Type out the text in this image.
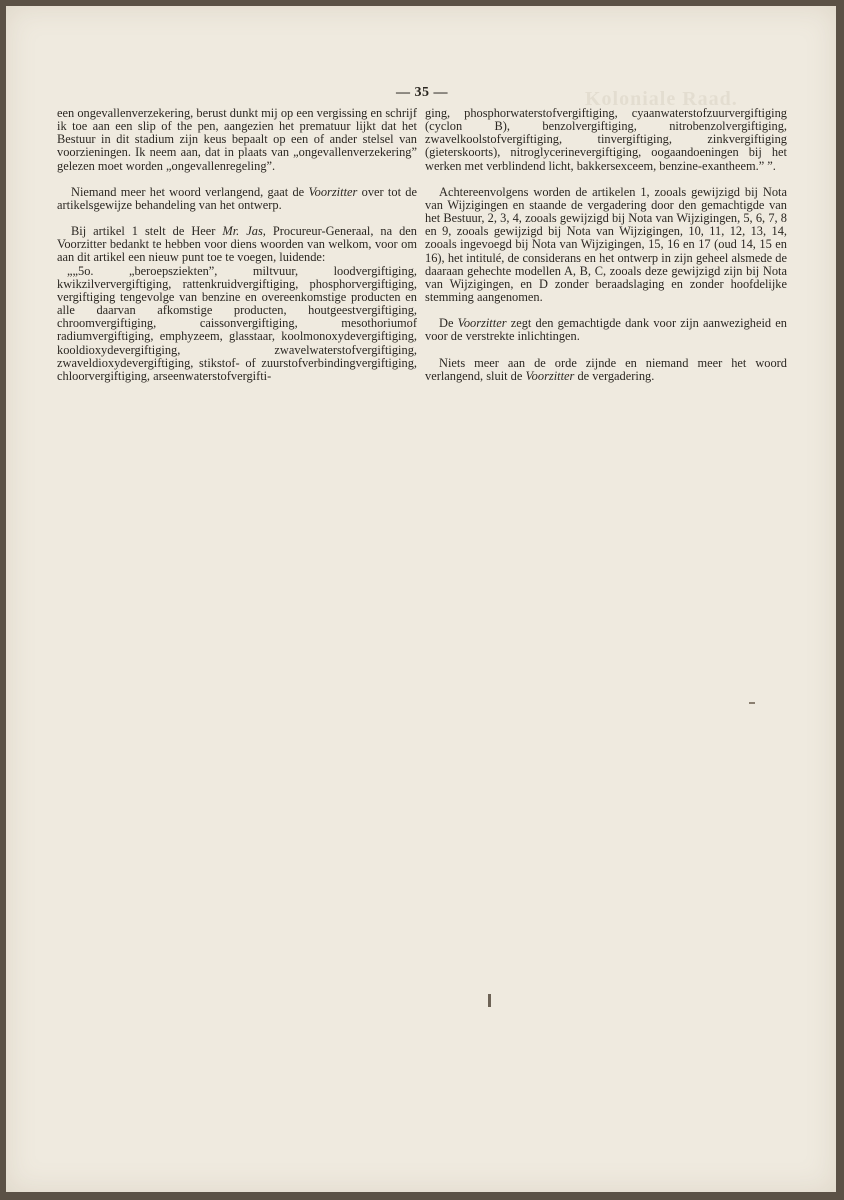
Koloniale Raad.
— 35 —

een ongevallenverzekering, berust dunkt mij op een vergissing en schrijf ik toe aan een slip of the pen, aangezien het prematuur lijkt dat het Bestuur in dit stadium zijn keus bepaalt op een of ander stelsel van voorzieningen. Ik neem aan, dat in plaats van „ongevallenverzekering” gelezen moet worden „ongevallenregeling”.

Niemand meer het woord verlangend, gaat de Voorzitter over tot de artikelsgewijze behandeling van het ontwerp.

Bij artikel 1 stelt de Heer Mr. Jas, Procureur-Generaal, na den Voorzitter bedankt te hebben voor diens woorden van welkom, voor om aan dit artikel een nieuw punt toe te voegen, luidende:

„„5o. „beroepsziekten”, miltvuur, loodvergiftiging, kwikzilververgiftiging, rattenkruidvergiftiging, phosphorvergiftiging, vergiftiging tengevolge van benzine en overeenkomstige producten en alle daarvan afkomstige producten, houtgeestvergiftiging, chroomvergiftiging, caissonvergiftiging, mesothoriumof radiumvergiftiging, emphyzeem, glasstaar, koolmonoxydevergiftiging, kooldioxydevergiftiging, zwavelwaterstofvergiftiging, zwaveldioxydevergiftiging, stikstof- of zuurstofverbindingvergiftiging, chloorvergiftiging, arseenwaterstofvergifti-

ging, phosphorwaterstofvergiftiging, cyaanwaterstofzuurvergiftiging (cyclon B), benzolvergiftiging, nitrobenzolvergiftiging, zwavelkoolstofvergiftiging, tinvergiftiging, zinkvergiftiging (gieterskoorts), nitroglycerinevergiftiging, oogaandoeningen bij het werken met verblindend licht, bakkersexceem, benzine-exantheem.” ”.

Achtereenvolgens worden de artikelen 1, zooals gewijzigd bij Nota van Wijzigingen en staande de vergadering door den gemachtigde van het Bestuur, 2, 3, 4, zooals gewijzigd bij Nota van Wijzigingen, 5, 6, 7, 8 en 9, zooals gewijzigd bij Nota van Wijzigingen, 10, 11, 12, 13, 14, zooals ingevoegd bij Nota van Wijzigingen, 15, 16 en 17 (oud 14, 15 en 16), het intitulé, de considerans en het ontwerp in zijn geheel alsmede de daaraan gehechte modellen A, B, C, zooals deze gewijzigd zijn bij Nota van Wijzigingen, en D zonder beraadslaging en zonder hoofdelijke stemming aangenomen.

De Voorzitter zegt den gemachtigde dank voor zijn aanwezigheid en voor de verstrekte inlichtingen.

Niets meer aan de orde zijnde en niemand meer het woord verlangend, sluit de Voorzitter de vergadering.
